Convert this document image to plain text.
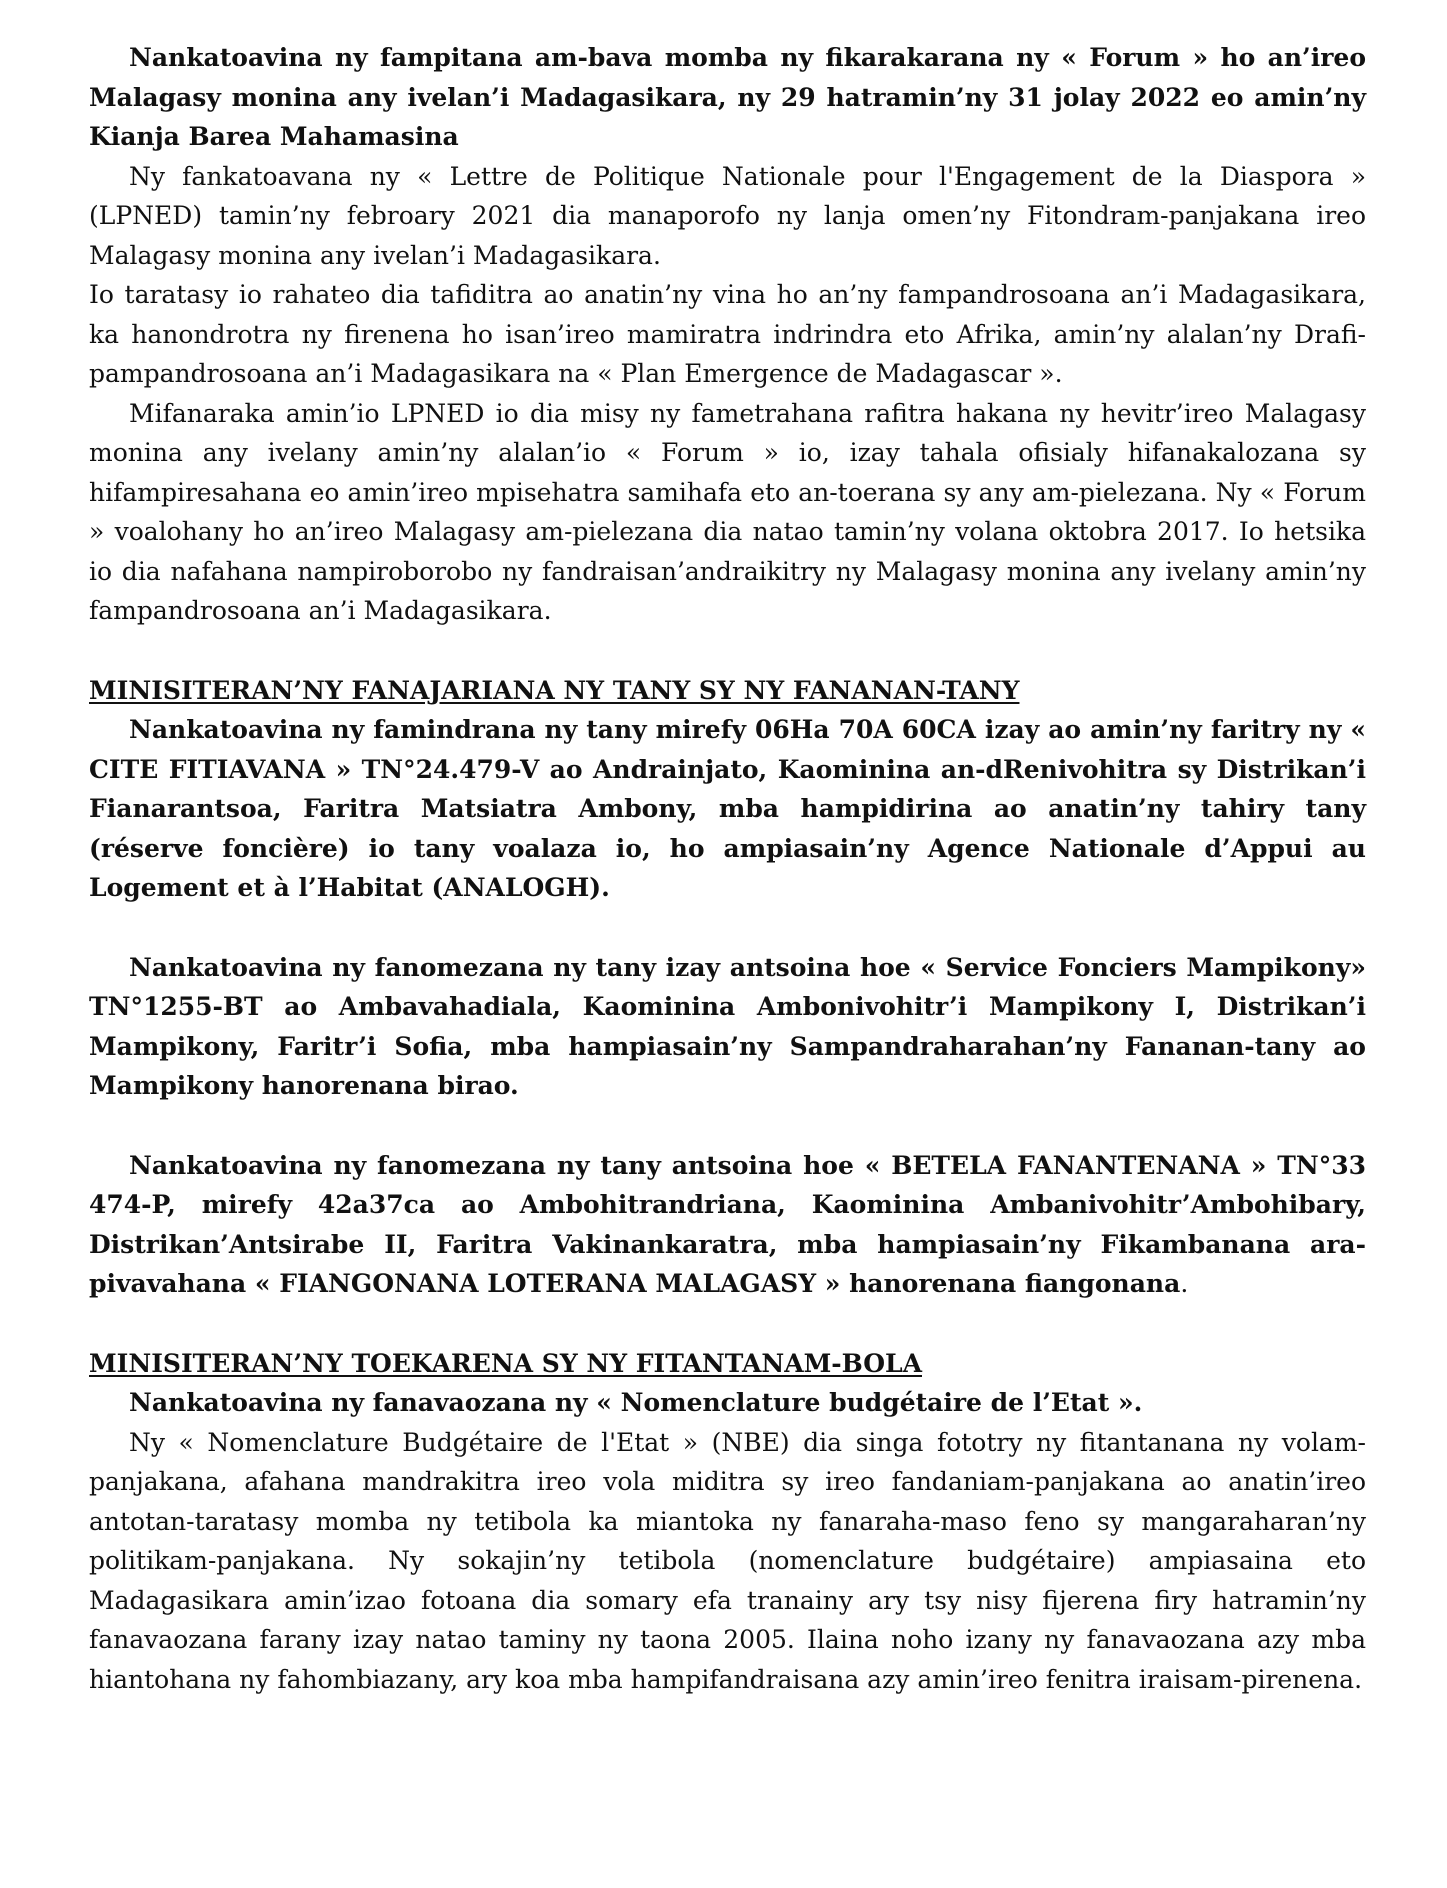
Nankatoavina ny fampitana am-bava momba ny fikarakarana ny « Forum » ho an’ireo Malagasy monina any ivelan’i Madagasikara, ny 29 hatramin’ny 31 jolay 2022 eo amin’ny Kianja Barea Mahamasina

Ny fankatoavana ny « Lettre de Politique Nationale pour l'Engagement de la Diaspora » (LPNED) tamin’ny febroary 2021 dia manaporofo ny lanja omen’ny Fitondram-panjakana ireo Malagasy monina any ivelan’i Madagasikara.

Io taratasy io rahateo dia tafiditra ao anatin’ny vina ho an’ny fampandrosoana an’i Madagasikara, ka hanondrotra ny firenena ho isan’ireo mamiratra indrindra eto Afrika, amin’ny alalan’ny Drafi-pampandrosoana an’i Madagasikara na « Plan Emergence de Madagascar ».

Mifanaraka amin’io LPNED io dia misy ny fametrahana rafitra hakana ny hevitr’ireo Malagasy monina any ivelany amin’ny alalan’io « Forum » io, izay tahala ofisialy hifanakalozana sy hifampiresahana eo amin’ireo mpisehatra samihafa eto an-toerana sy any am-pielezana. Ny « Forum » voalohany ho an’ireo Malagasy am-pielezana dia natao tamin’ny volana oktobra 2017. Io hetsika io dia nafahana nampiroborobo ny fandraisan’andraikitry ny Malagasy monina any ivelany amin’ny fampandrosoana an’i Madagasikara.

MINISITERAN’NY FANAJARIANA NY TANY SY NY FANANAN-TANY

Nankatoavina ny famindrana ny tany mirefy 06Ha 70A 60CA izay ao amin’ny faritry ny « CITE FITIAVANA » TN°24.479-V ao Andrainjato, Kaominina an-dRenivohitra sy Distrikan’i Fianarantsoa, Faritra Matsiatra Ambony, mba hampidirina ao anatin’ny tahiry tany (réserve foncière) io tany voalaza io, ho ampiasain’ny Agence Nationale d’Appui au Logement et à l’Habitat (ANALOGH).

Nankatoavina ny fanomezana ny tany izay antsoina hoe « Service Fonciers Mampikony» TN°1255-BT ao Ambavahadiala, Kaominina Ambonivohitr’i Mampikony I, Distrikan’i Mampikony, Faritr’i Sofia, mba hampiasain’ny Sampandraharahan’ny Fananan-tany ao Mampikony hanorenana birao.

Nankatoavina ny fanomezana ny tany antsoina hoe « BETELA FANANTENANA » TN°33 474-P, mirefy 42a37ca ao Ambohitrandriana, Kaominina Ambanivohitr’Ambohibary, Distrikan’Antsirabe II, Faritra Vakinankaratra, mba hampiasain’ny Fikambanana ara-pivavahana « FIANGONANA LOTERANA MALAGASY » hanorenana fiangonana.

MINISITERAN’NY TOEKARENA SY NY FITANTANAM-BOLA

Nankatoavina ny fanavaozana ny « Nomenclature budgétaire de l’Etat ».

Ny « Nomenclature Budgétaire de l'Etat » (NBE) dia singa fototry ny fitantanana ny volam-panjakana, afahana mandrakitra ireo vola miditra sy ireo fandaniam-panjakana ao anatin’ireo antotan-taratasy momba ny tetibola ka miantoka ny fanaraha-maso feno sy mangaraharan’ny politikam-panjakana. Ny sokajin’ny tetibola (nomenclature budgétaire) ampiasaina eto Madagasikara amin’izao fotoana dia somary efa tranainy ary tsy nisy fijerena firy hatramin’ny fanavaozana farany izay natao taminy ny taona 2005. Ilaina noho izany ny fanavaozana azy mba hiantohana ny fahombiazany, ary koa mba hampifandraisana azy amin’ireo fenitra iraisam-pirenena.
